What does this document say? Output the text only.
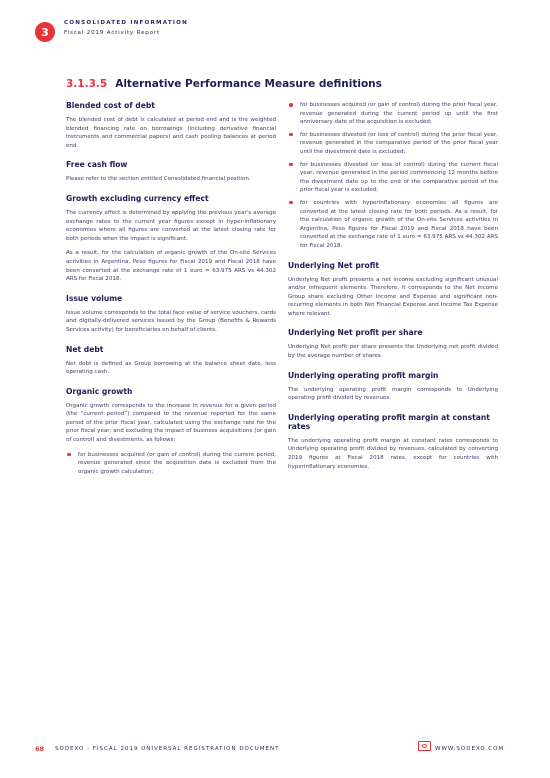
3
CONSOLIDATED INFORMATION
Fiscal 2019 Activity Report
3.1.3.5 Alternative Performance Measure definitions
Blended cost of debt

The blended cost of debt is calculated at period end and is the weighted blended financing rate on borrowings (including derivative financial instruments and commercial papers) and cash pooling balances at period end.

Free cash flow

Please refer to the section entitled Consolidated financial position.

Growth excluding currency effect

The currency effect is determined by applying the previous year’s average exchange rates to the current year figures except in hyper-inflationary economies where all figures are converted at the latest closing rate for both periods when the impact is significant.

As a result, for the calculation of organic growth of the On-site Services activities in Argentina, Peso figures for Fiscal 2019 and Fiscal 2018 have been converted at the exchange rate of 1 euro = 63.975 ARS vs 44.302 ARS for Fiscal 2018.

Issue volume

Issue volume corresponds to the total face value of service vouchers, cards and digitally-delivered services issued by the Group (Benefits & Rewards Services activity) for beneficiaries on behalf of clients.

Net debt

Net debt is defined as Group borrowing at the balance sheet date, less operating cash.

Organic growth

Organic growth corresponds to the increase in revenue for a given period (the “current period”) compared to the revenue reported for the same period of the prior fiscal year, calculated using the exchange rate for the prior fiscal year; and excluding the impact of business acquisitions (or gain of control) and divestments, as follows:

for businesses acquired (or gain of control) during the current period, revenue generated since the acquisition date is excluded from the organic growth calculation;
for businesses acquired (or gain of control) during the prior fiscal year, revenue generated during the current period up until the first anniversary date of the acquisition is excluded;
for businesses divested (or loss of control) during the prior fiscal year, revenue generated in the comparative period of the prior fiscal year until the divestment date is excluded;
for businesses divested (or loss of control) during the current fiscal year, revenue generated in the period commencing 12 months before the divestment date up to the end of the comparative period of the prior fiscal year is excluded;
for countries with hyperinflationary economies all figures are converted at the latest closing rate for both periods. As a result, for the calculation of organic growth of the On-site Services activities in Argentina, Peso figures for Fiscal 2019 and Fiscal 2018 have been converted at the exchange rate of 1 euro = 63.975 ARS vs 44.302 ARS for Fiscal 2018.
Underlying Net profit

Underlying Net profit presents a net income excluding significant unusual and/or infrequent elements. Therefore, it corresponds to the Net Income Group share excluding Other Income and Expense and significant non-recurring elements in both Net Financial Expense and Income Tax Expense where relevant.

Underlying Net profit per share

Underlying Net profit per share presents the Underlying net profit divided by the average number of shares.

Underlying operating profit margin

The underlying operating profit margin corresponds to Underlying operating profit divided by revenues.

Underlying operating profit margin at constant rates

The underlying operating profit margin at constant rates corresponds to Underlying operating profit divided by revenues, calculated by converting 2019 figures at Fiscal 2018 rates, except for countries with hyperinflationary economies.

68 SODEXO - FISCAL 2019 UNIVERSAL REGISTRATION DOCUMENT	WWW.SODEXO.COM
